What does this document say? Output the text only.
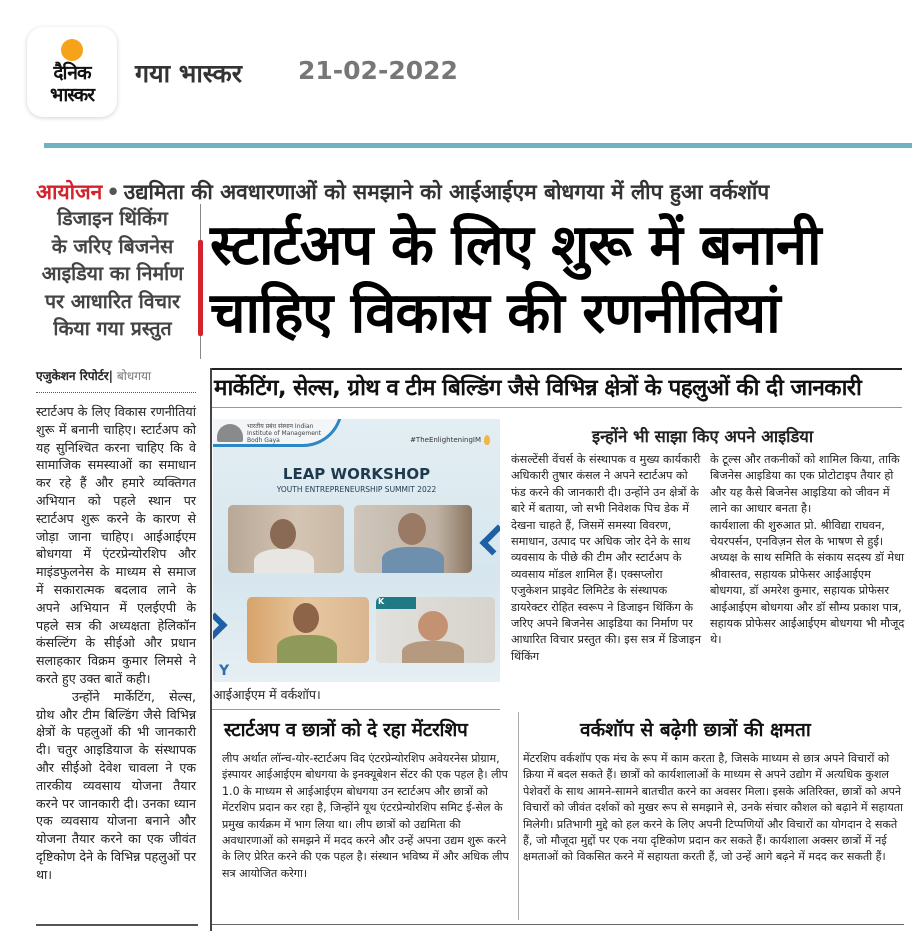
दैनिक
भास्कर
गया भास्कर 21-02-2022
आयोजन • उद्यमिता की अवधारणाओं को समझाने को आईआईएम बोधगया में लीप हुआ वर्कशॉप
डिजाइन थिंकिंग
के जरिए बिजनेस
आइडिया का निर्माण
पर आधारित विचार
किया गया प्रस्तुत
स्टार्टअप के लिए शुरू में बनानी
चाहिए विकास की रणनीतियां
एजुकेशन रिपोर्टर| बोधगया	मार्केटिंग, सेल्स, ग्रोथ व टीम बिल्डिंग जैसे विभिन्न क्षेत्रों के पहलुओं की दी जानकारी

स्टार्टअप के लिए विकास रणनीतियां शुरू में बनानी चाहिए। स्टार्टअप को यह सुनिश्चित करना चाहिए कि वे सामाजिक समस्याओं का समाधान कर रहे हैं और हमारे व्यक्तिगत अभियान को पहले स्थान पर स्टार्टअप शुरू करने के कारण से जोड़ा जाना चाहिए। आईआईएम बोधगया में एंटरप्रेन्योरशिप और माइंडफुलनेस के माध्यम से समाज में सकारात्मक बदलाव लाने के अपने अभियान में एलईएपी के पहले सत्र की अध्यक्षता हेलिकॉन कंसल्टिंग के सीईओ और प्रधान सलाहकार विक्रम कुमार लिमसे ने करते हुए उक्त बातें कही।

उन्होंने मार्केटिंग, सेल्स, ग्रोथ और टीम बिल्डिंग जैसे विभिन्न क्षेत्रों के पहलुओं की भी जानकारी दी। चतुर आइडियाज के संस्थापक और सीईओ देवेश चावला ने एक तारकीय व्यवसाय योजना तैयार करने पर जानकारी दी। उनका ध्यान एक व्यवसाय योजना बनाने और योजना तैयार करने का एक जीवंत दृष्टिकोण देने के विभिन्न पहलुओं पर था।

भारतीय प्रबंध संस्थान Indian Institute of Management Bodh Gaya	#TheEnlighteningIM
LEAP WORKSHOP
YOUTH ENTREPRENEURSHIP SUMMIT 2022
K
Y
आईआईएम में वर्कशॉप।
इन्होंने भी साझा किए अपने आइडिया

कंसल्टेंसी वेंचर्स के संस्थापक व मुख्य कार्यकारी अधिकारी तुषार कंसल ने अपने स्टार्टअप को फंड करने की जानकारी दी। उन्होंने उन क्षेत्रों के बारे में बताया, जो सभी निवेशक पिच डेक में देखना चाहते हैं, जिसमें समस्या विवरण, समाधान, उत्पाद पर अधिक जोर देने के साथ व्यवसाय के पीछे की टीम और स्टार्टअप के व्यवसाय मॉडल शामिल हैं। एक्सप्लोरा एजुकेशन प्राइवेट लिमिटेड के संस्थापक डायरेक्टर रोहित स्वरूप ने डिजाइन थिंकिंग के जरिए अपने बिजनेस आइडिया का निर्माण पर आधारित विचार प्रस्तुत की। इस सत्र में डिजाइन थिंकिंग

के टूल्स और तकनीकों को शामिल किया, ताकि बिजनेस आइडिया का एक प्रोटोटाइप तैयार हो और यह कैसे बिजनेस आइडिया को जीवन में लाने का आधार बनता है।

कार्यशाला की शुरुआत प्रो. श्रीविद्या राघवन, चेयरपर्सन, एनविज़न सेल के भाषण से हुई। अध्यक्ष के साथ समिति के संकाय सदस्य डॉ मेधा श्रीवास्तव, सहायक प्रोफेसर आईआईएम बोधगया, डॉ अमरेश कुमार, सहायक प्रोफेसर आईआईएम बोधगया और डॉ सौम्य प्रकाश पात्र, सहायक प्रोफेसर आईआईएम बोधगया भी मौजूद थे।

स्टार्टअप व छात्रों को दे रहा मेंटरशिप
लीप अर्थात लॉन्च-योर-स्टार्टअप विद एंटरप्रेन्योरशिप अवेयरनेस प्रोग्राम, इंस्पायर आईआईएम बोधगया के इनक्यूबेशन सेंटर की एक पहल है। लीप 1.0 के माध्यम से आईआईएम बोधगया उन स्टार्टअप और छात्रों को मेंटरशिप प्रदान कर रहा है, जिन्होंने यूथ एंटरप्रेन्योरशिप समिट ई-सेल के प्रमुख कार्यक्रम में भाग लिया था। लीप छात्रों को उद्यमिता की अवधारणाओं को समझने में मदद करने और उन्हें अपना उद्यम शुरू करने के लिए प्रेरित करने की एक पहल है। संस्थान भविष्य में और अधिक लीप सत्र आयोजित करेगा।
वर्कशॉप से बढ़ेगी छात्रों की क्षमता
मेंटरशिप वर्कशॉप एक मंच के रूप में काम करता है, जिसके माध्यम से छात्र अपने विचारों को क्रिया में बदल सकते हैं। छात्रों को कार्यशालाओं के माध्यम से अपने उद्योग में अत्यधिक कुशल पेशेवरों के साथ आमने-सामने बातचीत करने का अवसर मिला। इसके अतिरिक्त, छात्रों को अपने विचारों को जीवंत दर्शकों को मुखर रूप से समझाने से, उनके संचार कौशल को बढ़ाने में सहायता मिलेगी। प्रतिभागी मुद्दे को हल करने के लिए अपनी टिप्पणियों और विचारों का योगदान दे सकते हैं, जो मौजूदा मुद्दों पर एक नया दृष्टिकोण प्रदान कर सकते हैं। कार्यशाला अक्सर छात्रों में नई क्षमताओं को विकसित करने में सहायता करती हैं, जो उन्हें आगे बढ़ने में मदद कर सकती हैं।
